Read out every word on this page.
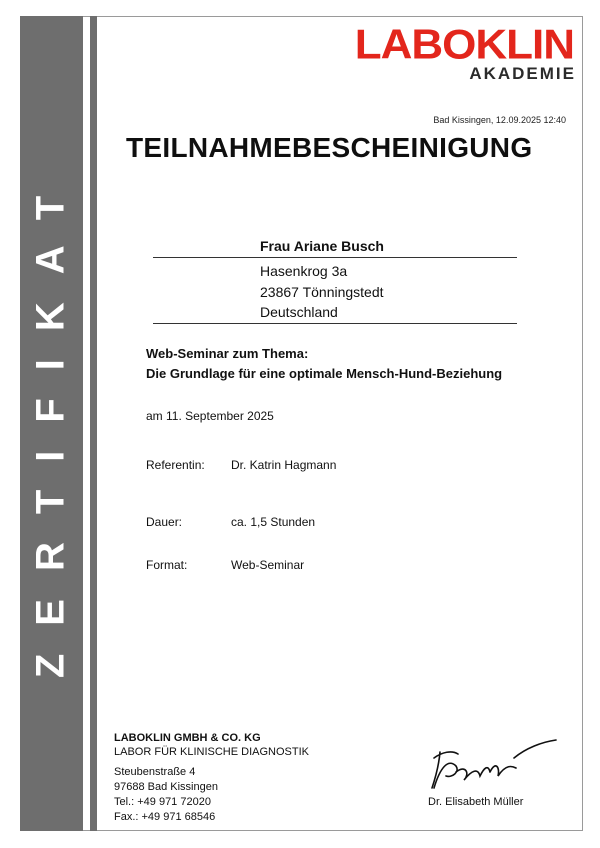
ZERTIFIKAT
LABOKLIN
AKADEMIE
Bad Kissingen, 12.09.2025 12:40
TEILNAHMEBESCHEINIGUNG
Frau Ariane Busch
Hasenkrog 3a
23867 Tönningstedt
Deutschland
Web-Seminar zum Thema:
Die Grundlage für eine optimale Mensch-Hund-Beziehung
am 11. September 2025
Referentin: Dr. Katrin Hagmann
Dauer:	ca. 1,5 Stunden
Format:	Web-Seminar
LABOKLIN GMBH & CO. KG
LABOR FÜR KLINISCHE DIAGNOSTIK
Steubenstraße 4
97688 Bad Kissingen
Tel.: +49 971 72020
Fax.: +49 971 68546
Dr. Elisabeth Müller
